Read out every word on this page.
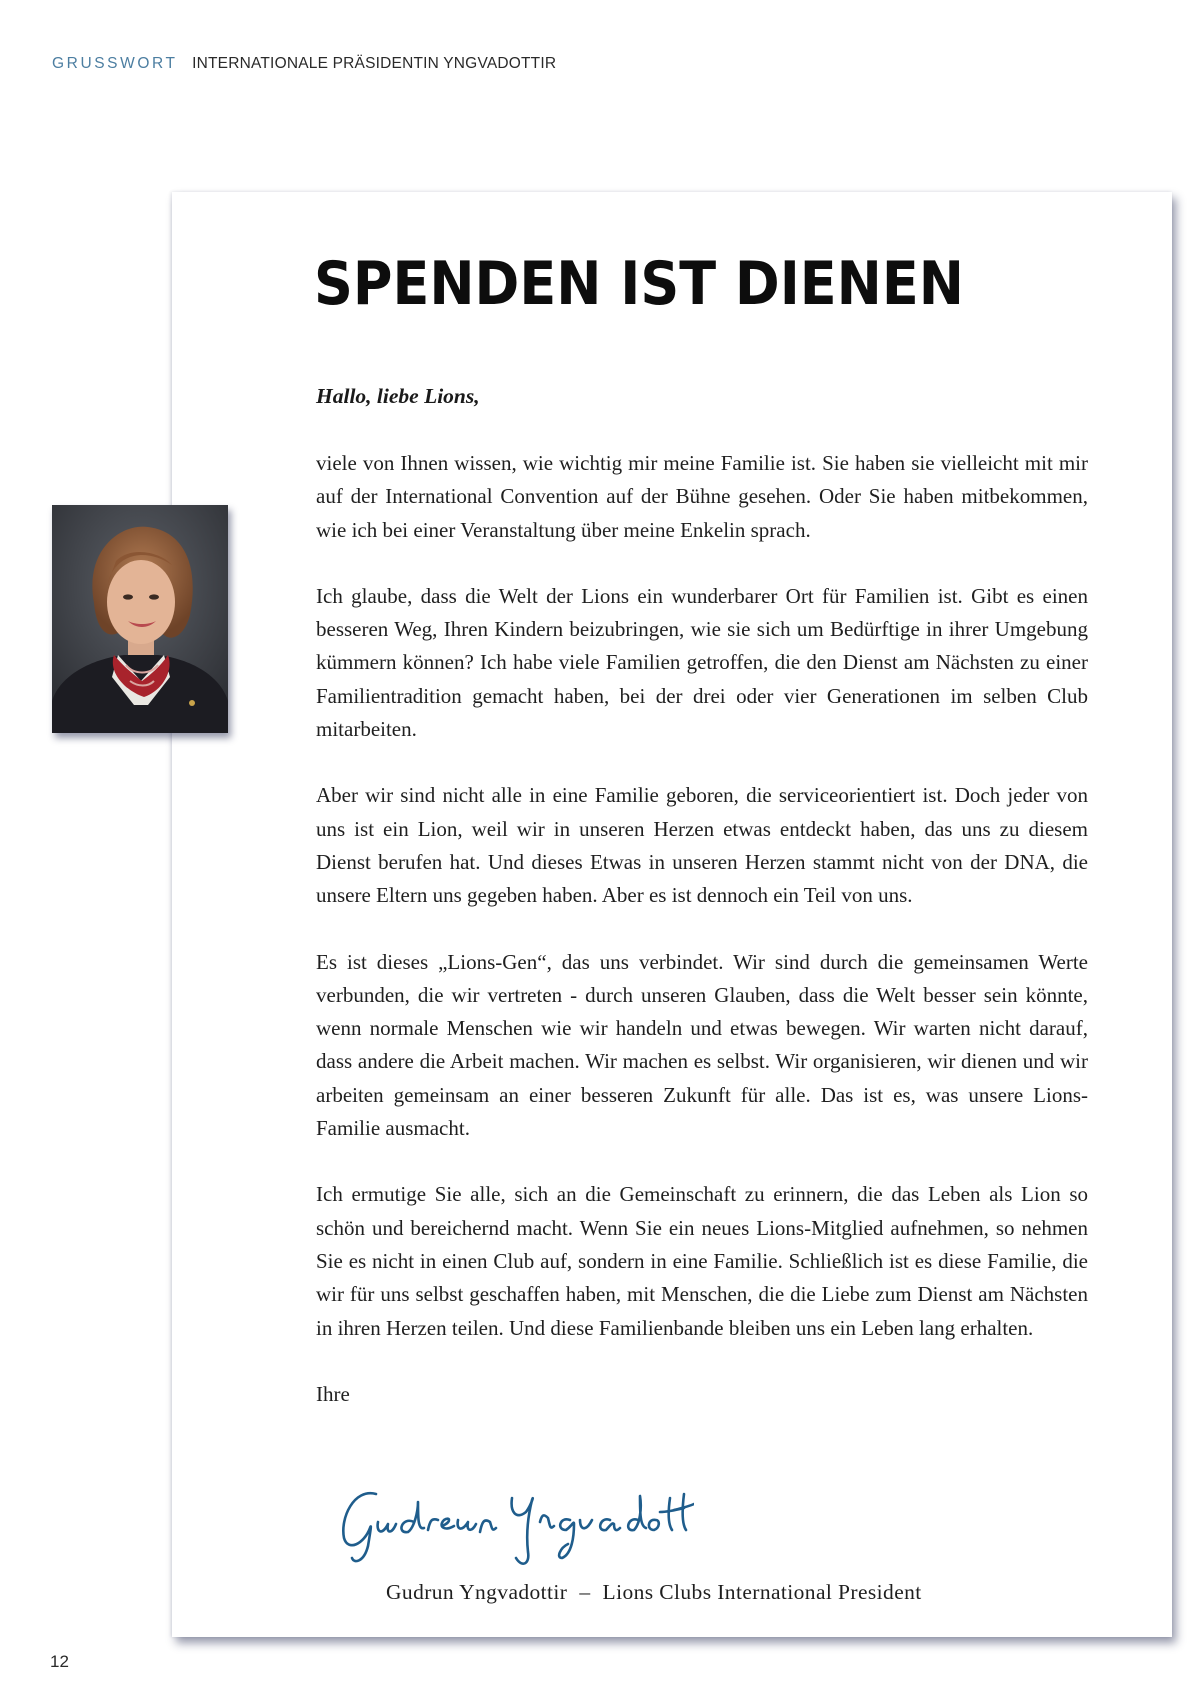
GRUSSWORT INTERNATIONALE PRÄSIDENTIN YNGVADOTTIR
SPENDEN IST DIENEN
Hallo, liebe Lions,

viele von Ihnen wissen, wie wichtig mir meine Familie ist. Sie haben sie vielleicht mit mir auf der International Convention auf der Bühne gesehen. Oder Sie haben mitbekommen, wie ich bei einer Veranstaltung über meine Enkelin sprach.

Ich glaube, dass die Welt der Lions ein wunderbarer Ort für Familien ist. Gibt es einen besseren Weg, Ihren Kindern beizubringen, wie sie sich um Bedürftige in ihrer Umgebung kümmern können? Ich habe viele Familien getroffen, die den Dienst am Nächsten zu einer Familientradition gemacht haben, bei der drei oder vier Generationen im selben Club mitarbeiten.

Aber wir sind nicht alle in eine Familie geboren, die serviceorientiert ist. Doch jeder von uns ist ein Lion, weil wir in unseren Herzen etwas entdeckt haben, das uns zu diesem Dienst berufen hat. Und dieses Etwas in unseren Herzen stammt nicht von der DNA, die unsere Eltern uns gegeben haben. Aber es ist dennoch ein Teil von uns.

Es ist dieses „Lions-Gen“, das uns verbindet. Wir sind durch die gemeinsamen Werte verbunden, die wir vertreten - durch unseren Glauben, dass die Welt besser sein könnte, wenn normale Menschen wie wir handeln und etwas bewegen. Wir warten nicht darauf, dass andere die Arbeit machen. Wir machen es selbst. Wir organisieren, wir dienen und wir arbeiten gemeinsam an einer besseren Zukunft für alle. Das ist es, was unsere Lions-Familie ausmacht.

Ich ermutige Sie alle, sich an die Gemeinschaft zu erinnern, die das Leben als Lion so schön und bereichernd macht. Wenn Sie ein neues Lions-Mitglied aufnehmen, so nehmen Sie es nicht in einen Club auf, sondern in eine Familie. Schließlich ist es diese Familie, die wir für uns selbst geschaffen haben, mit Menschen, die die Liebe zum Dienst am Nächsten in ihren Herzen teilen. Und diese Familienbande bleiben uns ein Leben lang erhalten.

Ihre

Gudrun Yngvadottir – Lions Clubs International President
12
